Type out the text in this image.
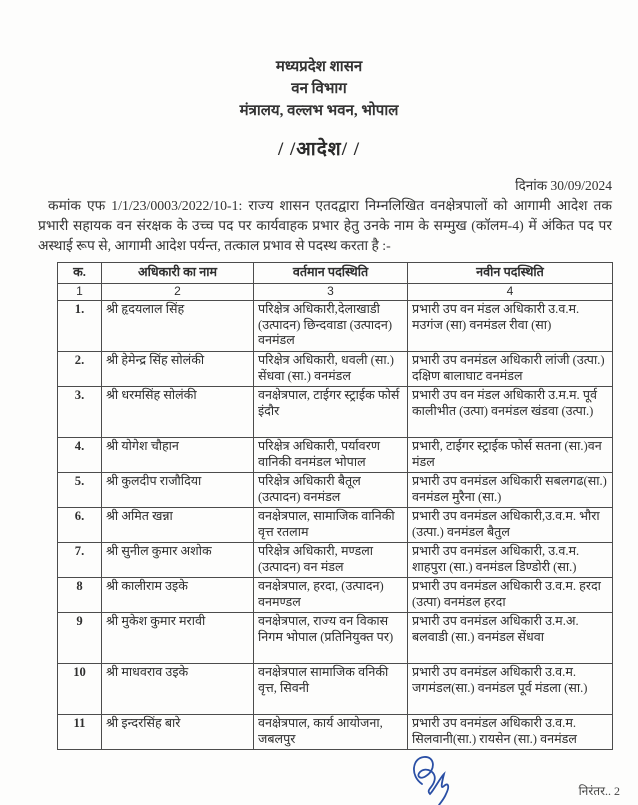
मध्यप्रदेश शासन
वन विभाग
मंत्रालय, वल्लभ भवन, भोपाल
/ /आदेश/ /
दिनांक 30/09/2024
कमांक एफ 1/1/23/0003/2022/10-1: राज्य शासन एतदद्वारा निम्नलिखित वनक्षेत्रपालों को आगामी आदेश तक प्रभारी सहायक वन संरक्षक के उच्च पद पर कार्यवाहक प्रभार हेतु उनके नाम के सम्मुख (कॉलम-4) में अंकित पद पर अस्थाई रूप से, आगामी आदेश पर्यन्त, तत्काल प्रभाव से पदस्थ करता है :-
क.	अधिकारी का नाम	वर्तमान पदस्थिति	नवीन पदस्थिति
1	2	3	4
1.	श्री हृदयलाल सिंह	परिक्षेत्र अधिकारी,देलाखाडी (उत्पादन) छिन्दवाडा (उत्पादन) वनमंडल	प्रभारी उप वन मंडल अधिकारी उ.व.म. मउगंज (सा) वनमंडल रीवा (सा)
2.	श्री हेमेन्द्र सिंह सोलंकी	परिक्षेत्र अधिकारी, धवली (सा.) सेंधवा (सा.) वनमंडल	प्रभारी उप वनमंडल अधिकारी लांजी (उत्पा.) दक्षिण बालाघाट वनमंडल
3.	श्री धरमसिंह सोलंकी	वनक्षेत्रपाल, टाईगर स्ट्राईक फोर्स इंदौर	प्रभारी उप वन मंडल अधिकारी उ.म.म. पूर्व कालीभीत (उत्पा) वनमंडल खंडवा (उत्पा.)
4.	श्री योगेश चौहान	परिक्षेत्र अधिकारी, पर्यावरण वानिकी वनमंडल भोपाल	प्रभारी, टाईगर स्ट्राईक फोर्स सतना (सा.)वन मंडल
5.	श्री कुलदीप राजौदिया	परिक्षेत्र अधिकारी बैतूल (उत्पादन) वनमंडल	प्रभारी उप वनमंडल अधिकारी सबलगढ(सा.) वनमंडल मुरैना (सा.)
6.	श्री अमित खन्ना	वनक्षेत्रपाल, सामाजिक वानिकी वृत्त रतलाम	प्रभारी उप वनमंडल अधिकारी,उ.व.म. भौरा (उत्पा.) वनमंडल बैतुल
7.	श्री सुनील कुमार अशोक	परिक्षेत्र अधिकारी, मण्डला (उत्पादन) वन मंडल	प्रभारी उप वनमंडल अधिकारी, उ.व.म. शाहपुरा (सा.) वनमंडल डिण्डोरी (सा.)
8	श्री कालीराम उइके	वनक्षेत्रपाल, हरदा, (उत्पादन) वनमण्डल	प्रभारी उप वनमंडल अधिकारी उ.व.म. हरदा (उत्पा) वनमंडल हरदा
9	श्री मुकेश कुमार मरावी	वनक्षेत्रपाल, राज्य वन विकास निगम भोपाल (प्रतिनियुक्त पर)	प्रभारी उप वनमंडल अधिकारी उ.म.अ. बलवाडी (सा.) वनमंडल सेंधवा
10	श्री माधवराव उइके	वनक्षेत्रपाल सामाजिक वनिकी वृत्त, सिवनी	प्रभारी उप वनमंडल अधिकारी उ.व.म. जगमंडल(सा.) वनमंडल पूर्व मंडला (सा.)
11	श्री इन्दरसिंह बारे	वनक्षेत्रपाल, कार्य आयोजना, जबलपुर	प्रभारी उप वनमंडल अधिकारी उ.व.म. सिलवानी(सा.) रायसेन (सा.) वनमंडल
निरंतर.. 2
